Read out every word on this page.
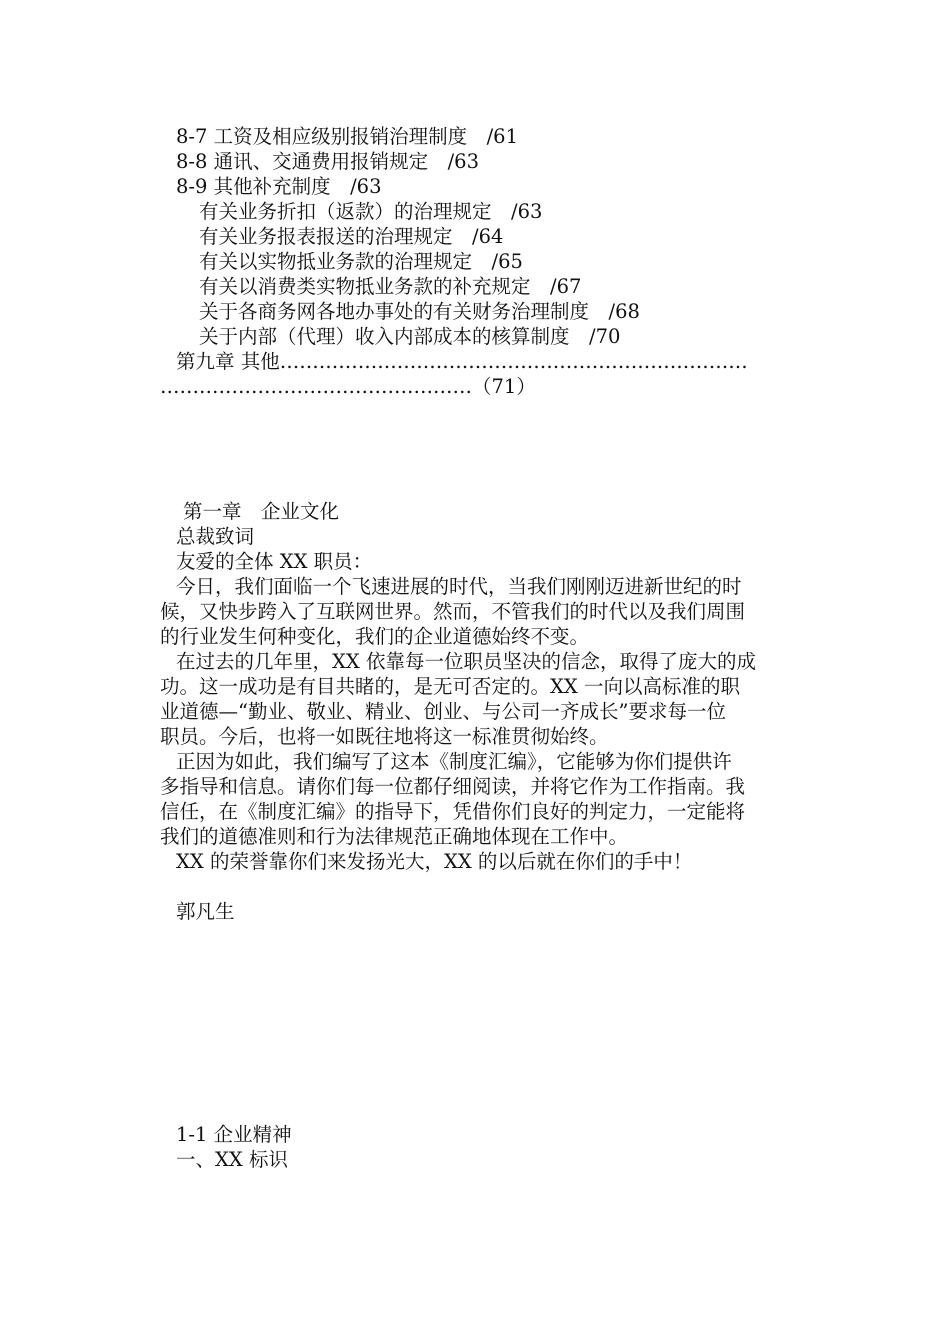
8-7 工资及相应级别报销治理制度　/61
8-8 通讯、交通费用报销规定　/63
8-9 其他补充制度　/63
有关业务折扣（返款）的治理规定　/63
有关业务报表报送的治理规定　/64
有关以实物抵业务款的治理规定　/65
有关以消费类实物抵业务款的补充规定　/67
关于各商务网各地办事处的有关财务治理制度　/68
关于内部（代理）收入内部成本的核算制度　/70
第九章 其他………………………………………………………………
…………………………………………（71）
第一章　企业文化
总裁致词
友爱的全体 XX 职员：
今日，我们面临一个飞速进展的时代，当我们刚刚迈进新世纪的时
候，又快步跨入了互联网世界。然而，不管我们的时代以及我们周围
的行业发生何种变化，我们的企业道德始终不变。
在过去的几年里，XX 依靠每一位职员坚决的信念，取得了庞大的成
功。这一成功是有目共睹的，是无可否定的。XX 一向以高标准的职
业道德—“勤业、敬业、精业、创业、与公司一齐成长”要求每一位
职员。今后，也将一如既往地将这一标准贯彻始终。
正因为如此，我们编写了这本《制度汇编》，它能够为你们提供许
多指导和信息。请你们每一位都仔细阅读，并将它作为工作指南。我
信任，在《制度汇编》的指导下，凭借你们良好的判定力，一定能将
我们的道德准则和行为法律规范正确地体现在工作中。
XX 的荣誉靠你们来发扬光大，XX 的以后就在你们的手中！
郭凡生
1-1 企业精神
一、XX 标识
